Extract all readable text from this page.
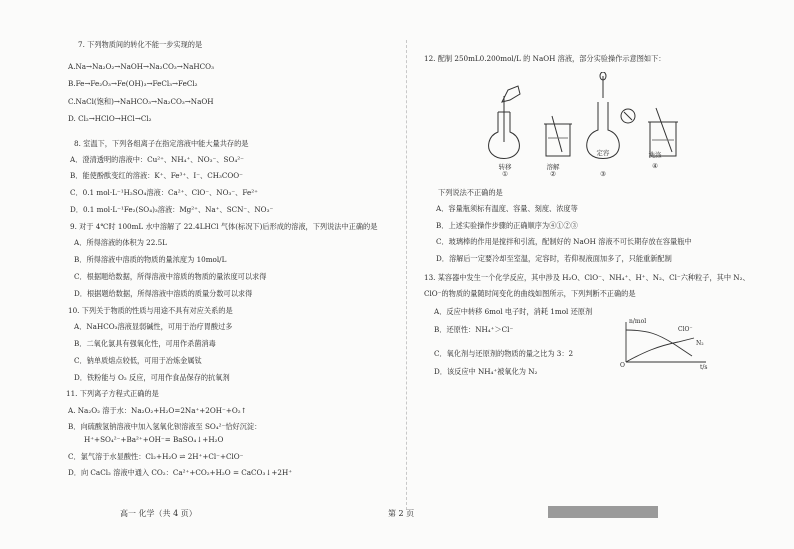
7. 下列物质间的转化不能一步实现的是
A.Na→Na₂O₂→NaOH→Na₂CO₃→NaHCO₃
B.Fe→Fe₂O₃→Fe(OH)₃→FeCl₃→FeCl₂
C.NaCl(饱和)→NaHCO₃→Na₂CO₃→NaOH
D. Cl₂→HClO→HCl→Cl₂
8. 室温下，下列各组离子在指定溶液中能大量共存的是
A．澄清透明的溶液中：Cu²⁺、NH₄⁺、NO₃⁻、SO₄²⁻
B．能使酚酞变红的溶液：K⁺、Fe³⁺、I⁻、CH₃COO⁻
C．0.1 mol·L⁻¹H₂SO₄溶液：Ca²⁺、ClO⁻、NO₃⁻、Fe²⁺
D．0.1 mol·L⁻¹Fe₂(SO₄)₃溶液：Mg²⁺、Na⁺、SCN⁻、NO₃⁻
9. 对于 4℃时 100mL 水中溶解了 22.4LHCl 气体(标况下)后形成的溶液，下列说法中正确的是
A．所得溶液的体积为 22.5L
B．所得溶液中溶质的物质的量浓度为 10mol/L
C．根据题给数据，所得溶液中溶质的物质的量浓度可以求得
D．根据题给数据，所得溶液中溶质的质量分数可以求得
10. 下列关于物质的性质与用途不具有对应关系的是
A．NaHCO₃溶液显弱碱性，可用于治疗胃酸过多
B．二氧化氯具有强氧化性，可用作杀菌消毒
C．钠单质熔点较低，可用于冶炼金属钛
D．铁粉能与 O₂ 反应，可用作食品保存的抗氧剂
11. 下列离子方程式正确的是
A. Na₂O₂ 溶于水：Na₂O₂+H₂O=2Na⁺+2OH⁻+O₂↑
B．向硫酸氢钠溶液中加入氢氧化钡溶液至 SO₄²⁻恰好沉淀：
H⁺+SO₄²⁻+Ba²⁺+OH⁻= BaSO₄↓+H₂O
C．氯气溶于水显酸性：Cl₂+H₂O ⇌ 2H⁺+Cl⁻+ClO⁻
D．向 CaCl₂ 溶液中通入 CO₂：Ca²⁺+CO₂+H₂O = CaCO₃↓+2H⁺
12. 配制 250mL0.200mol/L 的 NaOH 溶液，部分实验操作示意图如下：
转移
①
溶解
②
定容
③
洗涤
④
下列说法不正确的是
A．容量瓶须标有温度、容量、刻度、浓度等
B．上述实验操作步骤的正确顺序为④①②③
C．玻璃棒的作用是搅拌和引流，配制好的 NaOH 溶液不可长期存放在容量瓶中
D．溶解后一定要冷却至室温，定容时，若仰视液面加多了，只能重新配制
13. 某容器中发生一个化学反应，其中涉及 H₂O、ClO⁻、NH₄⁺、H⁺、N₂、Cl⁻六种粒子，其中 N₂、
ClO⁻的物质的量随时间变化的曲线如图所示，下列判断不正确的是
A．反应中转移 6mol 电子时，消耗 1mol 还原剂
B．还原性：NH₄⁺＞Cl⁻
C．氧化剂与还原剂的物质的量之比为 3：2
D．该反应中 NH₄⁺被氧化为 N₂
n/mol
ClO⁻
N₂
O	t/s
高一 化学（共 4 页）	第 2 页
